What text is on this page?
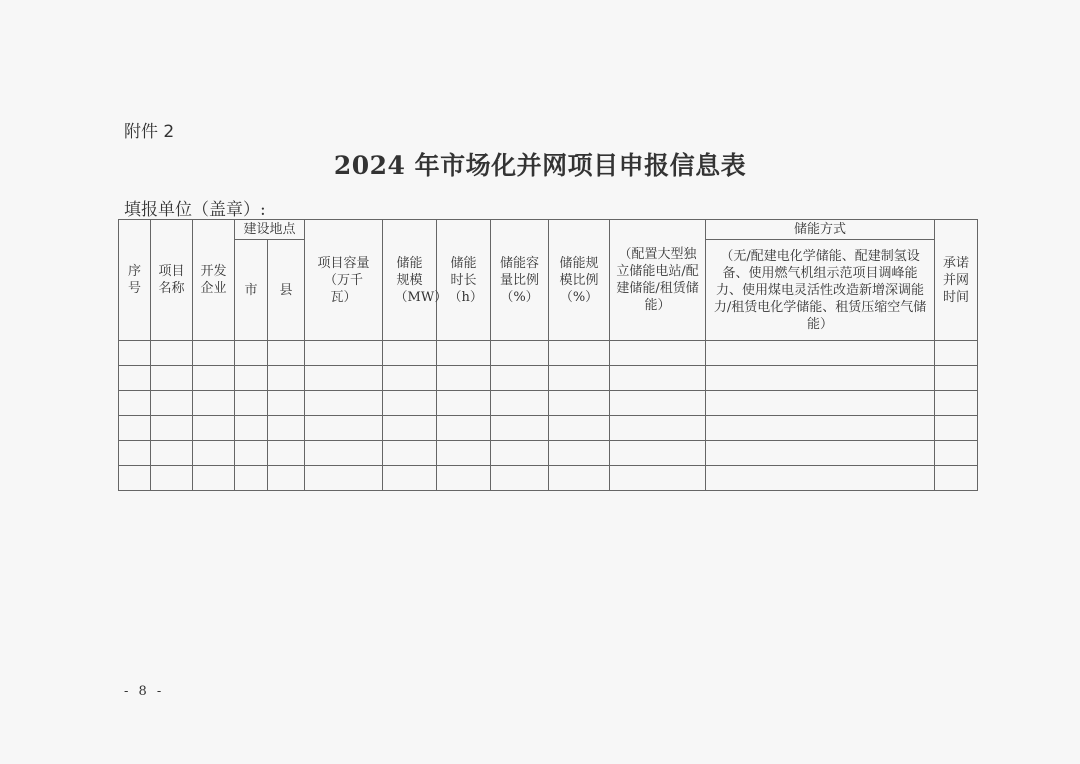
附件 2
2024 年市场化并网项目申报信息表
填报单位（盖章）:
序号	项目名称	开发企业	建设地点		项目容量（万千瓦）	储能规模（MW）	储能时长（h）	储能容量比例（%）	储能规模比例（%）	（配置大型独立储能电站/配建储能/租赁储能）	储能方式	承诺并网时间
			市	县							（无/配建电化学储能、配建制氢设备、使用燃气机组示范项目调峰能力、使用煤电灵活性改造新增深调能力/租赁电化学储能、租赁压缩空气储能）	

- 8 -
